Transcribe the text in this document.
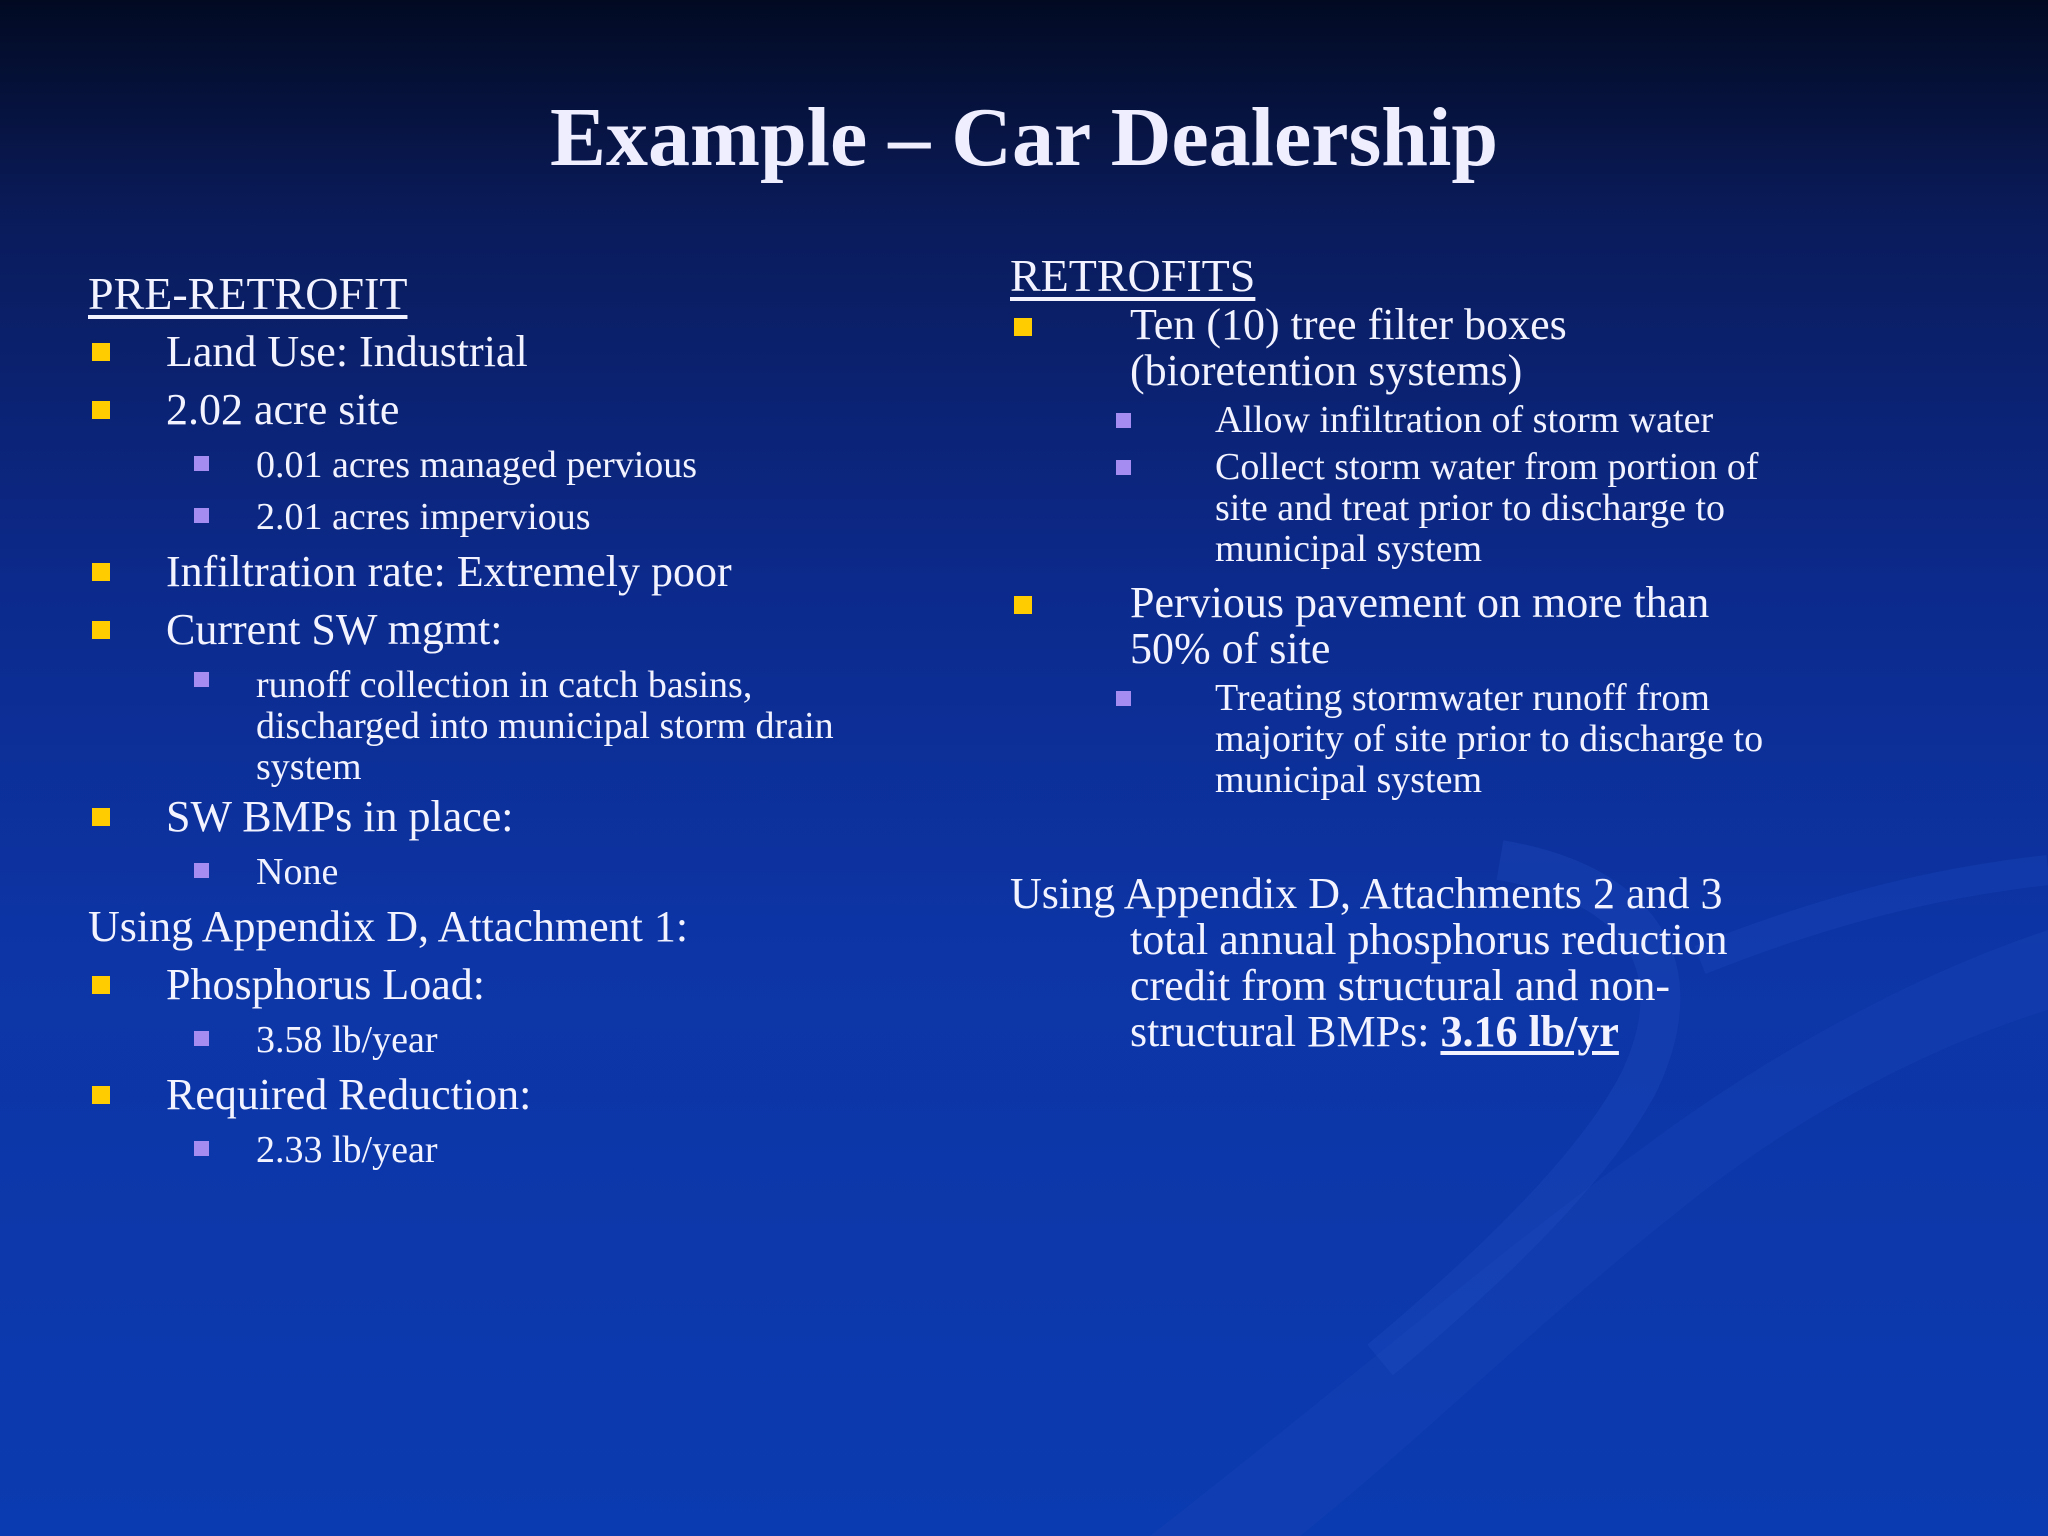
Example – Car Dealership
PRE-RETROFIT
Land Use: Industrial
2.02 acre site
0.01 acres managed pervious
2.01 acres impervious
Infiltration rate: Extremely poor
Current SW mgmt:
runoff collection in catch basins,
discharged into municipal storm drain
system
SW BMPs in place:
None
Using Appendix D, Attachment 1:
Phosphorus Load:
3.58 lb/year
Required Reduction:
2.33 lb/year
RETROFITS
Ten (10) tree filter boxes
(bioretention systems)
Allow infiltration of storm water
Collect storm water from portion of
site and treat prior to discharge to
municipal system
Pervious pavement on more than
50% of site
Treating stormwater runoff from
majority of site prior to discharge to
municipal system
Using Appendix D, Attachments 2 and 3
total annual phosphorus reduction
credit from structural and non-
structural BMPs: 3.16 lb/yr
